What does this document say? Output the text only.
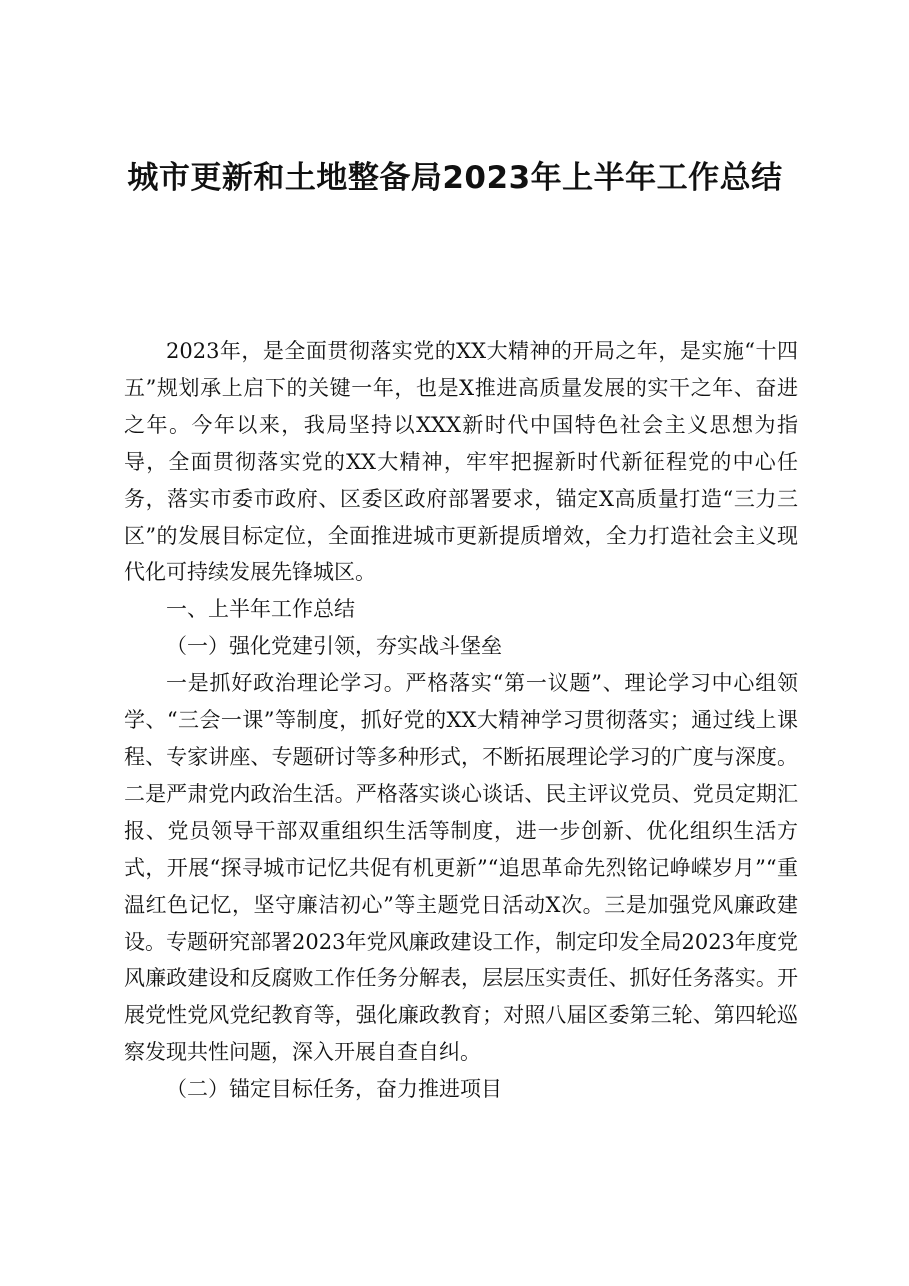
城市更新和土地整备局2023年上半年工作总结

2023年，是全面贯彻落实党的XX大精神的开局之年，是实施“十四五”规划承上启下的关键一年，也是X推进高质量发展的实干之年、奋进之年。今年以来，我局坚持以XXX新时代中国特色社会主义思想为指导，全面贯彻落实党的XX大精神，牢牢把握新时代新征程党的中心任务，落实市委市政府、区委区政府部署要求，锚定X高质量打造“三力三区”的发展目标定位，全面推进城市更新提质增效，全力打造社会主义现代化可持续发展先锋城区。

一、上半年工作总结

（一）强化党建引领，夯实战斗堡垒

一是抓好政治理论学习。严格落实“第一议题”、理论学习中心组领学、“三会一课”等制度，抓好党的XX大精神学习贯彻落实；通过线上课程、专家讲座、专题研讨等多种形式，不断拓展理论学习的广度与深度。二是严肃党内政治生活。严格落实谈心谈话、民主评议党员、党员定期汇报、党员领导干部双重组织生活等制度，进一步创新、优化组织生活方式，开展“探寻城市记忆共促有机更新”“追思革命先烈铭记峥嵘岁月”“重温红色记忆，坚守廉洁初心”等主题党日活动X次。三是加强党风廉政建设。专题研究部署2023年党风廉政建设工作，制定印发全局2023年度党风廉政建设和反腐败工作任务分解表，层层压实责任、抓好任务落实。开展党性党风党纪教育等，强化廉政教育；对照八届区委第三轮、第四轮巡察发现共性问题，深入开展自查自纠。

（二）锚定目标任务，奋力推进项目
